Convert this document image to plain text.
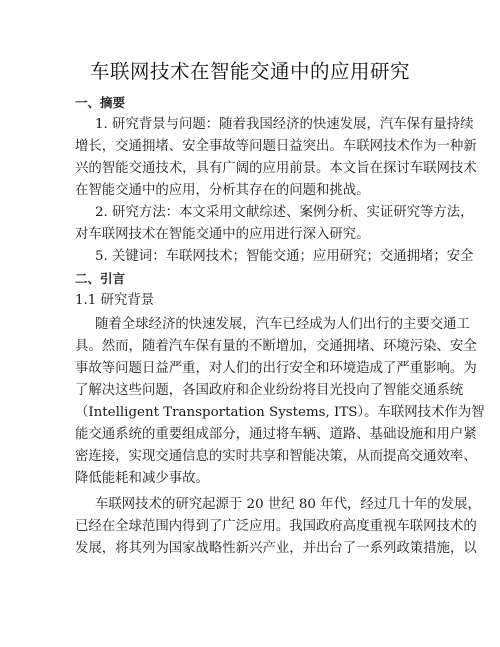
车联网技术在智能交通中的应用研究
一、摘要
1. 研究背景与问题：随着我国经济的快速发展，汽车保有量持续
增长，交通拥堵、安全事故等问题日益突出。车联网技术作为一种新
兴的智能交通技术，具有广阔的应用前景。本文旨在探讨车联网技术
在智能交通中的应用，分析其存在的问题和挑战。
2. 研究方法：本文采用文献综述、案例分析、实证研究等方法，
对车联网技术在智能交通中的应用进行深入研究。
5. 关键词：车联网技术；智能交通；应用研究；交通拥堵；安全
二、引言
1.1 研究背景
随着全球经济的快速发展，汽车已经成为人们出行的主要交通工
具。然而，随着汽车保有量的不断增加，交通拥堵、环境污染、安全
事故等问题日益严重，对人们的出行安全和环境造成了严重影响。为
了解决这些问题，各国政府和企业纷纷将目光投向了智能交通系统
（Intelligent Transportation Systems, ITS）。车联网技术作为智
能交通系统的重要组成部分，通过将车辆、道路、基础设施和用户紧
密连接，实现交通信息的实时共享和智能决策，从而提高交通效率、
降低能耗和减少事故。
车联网技术的研究起源于 20 世纪 80 年代，经过几十年的发展，
已经在全球范围内得到了广泛应用。我国政府高度重视车联网技术的
发展，将其列为国家战略性新兴产业，并出台了一系列政策措施，以
